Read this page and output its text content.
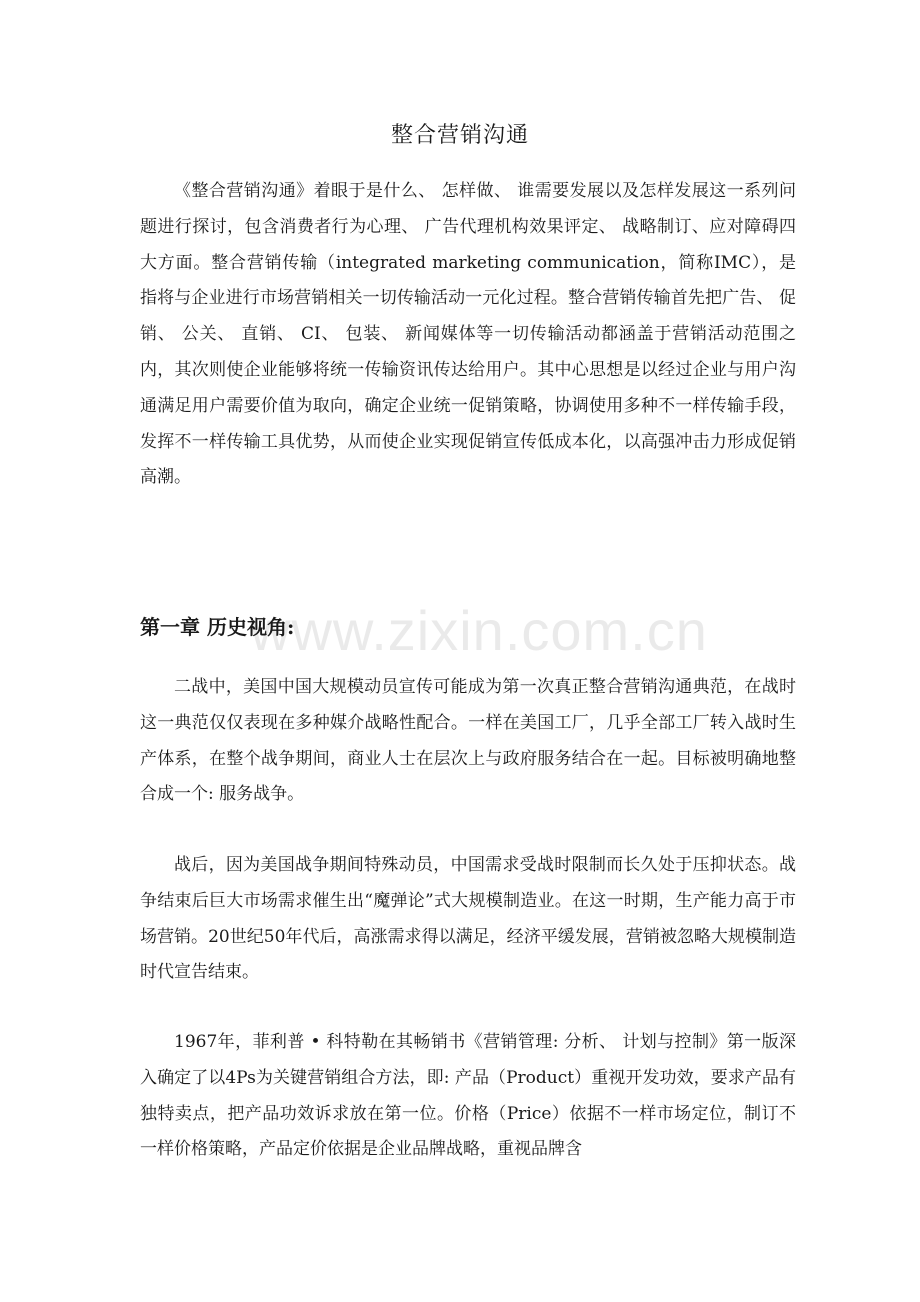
www.zixin.com.cn
整合营销沟通

《整合营销沟通》着眼于是什么、 怎样做、 谁需要发展以及怎样发展这一系列问题进行探讨，包含消费者行为心理、 广告代理机构效果评定、 战略制订、应对障碍四大方面。整合营销传输（integrated marketing communication，简称IMC），是指将与企业进行市场营销相关一切传输活动一元化过程。整合营销传输首先把广告、 促销、 公关、 直销、 CI、 包装、 新闻媒体等一切传输活动都涵盖于营销活动范围之内，其次则使企业能够将统一传输资讯传达给用户。其中心思想是以经过企业与用户沟通满足用户需要价值为取向，确定企业统一促销策略，协调使用多种不一样传输手段，发挥不一样传输工具优势，从而使企业实现促销宣传低成本化，以高强冲击力形成促销高潮。

第一章 历史视角:

二战中，美国中国大规模动员宣传可能成为第一次真正整合营销沟通典范，在战时这一典范仅仅表现在多种媒介战略性配合。一样在美国工厂，几乎全部工厂转入战时生产体系，在整个战争期间，商业人士在层次上与政府服务结合在一起。目标被明确地整合成一个: 服务战争。

战后，因为美国战争期间特殊动员，中国需求受战时限制而长久处于压抑状态。战争结束后巨大市场需求催生出“魔弹论”式大规模制造业。在这一时期，生产能力高于市场营销。20世纪50年代后，高涨需求得以满足，经济平缓发展，营销被忽略大规模制造时代宣告结束。

1967年，菲利普 • 科特勒在其畅销书《营销管理: 分析、 计划与控制》第一版深入确定了以4Ps为关键营销组合方法，即: 产品（Product）重视开发功效，要求产品有独特卖点，把产品功效诉求放在第一位。价格（Price）依据不一样市场定位，制订不一样价格策略，产品定价依据是企业品牌战略，重视品牌含
